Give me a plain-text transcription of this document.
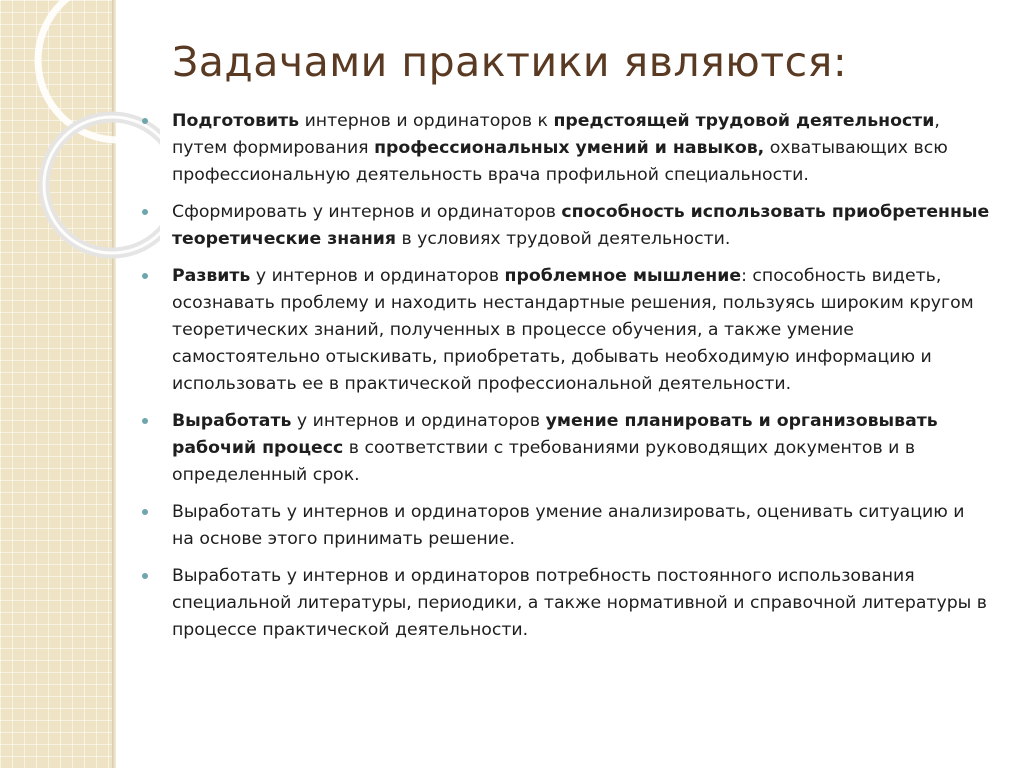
Задачами практики являются:
Подготовить интернов и ординаторов к предстоящей трудовой деятельности, путем формирования профессиональных умений и навыков, охватывающих всю профессиональную деятельность врача профильной специальности.
Сформировать у интернов и ординаторов способность использовать приобретенные теоретические знания в условиях трудовой деятельности.
Развить у интернов и ординаторов проблемное мышление: способность видеть, осознавать проблему и находить нестандартные решения, пользуясь широким кругом теоретических знаний, полученных в процессе обучения, а также умение самостоятельно отыскивать, приобретать, добывать необходимую информацию и использовать ее в практической профессиональной деятельности.
Выработать у интернов и ординаторов умение планировать и организовывать рабочий процесс в соответствии с требованиями руководящих документов и в определенный срок.
Выработать у интернов и ординаторов умение анализировать, оценивать ситуацию и на основе этого принимать решение.
Выработать у интернов и ординаторов потребность постоянного использования специальной литературы, периодики, а также нормативной и справочной литературы в процессе практической деятельности.
